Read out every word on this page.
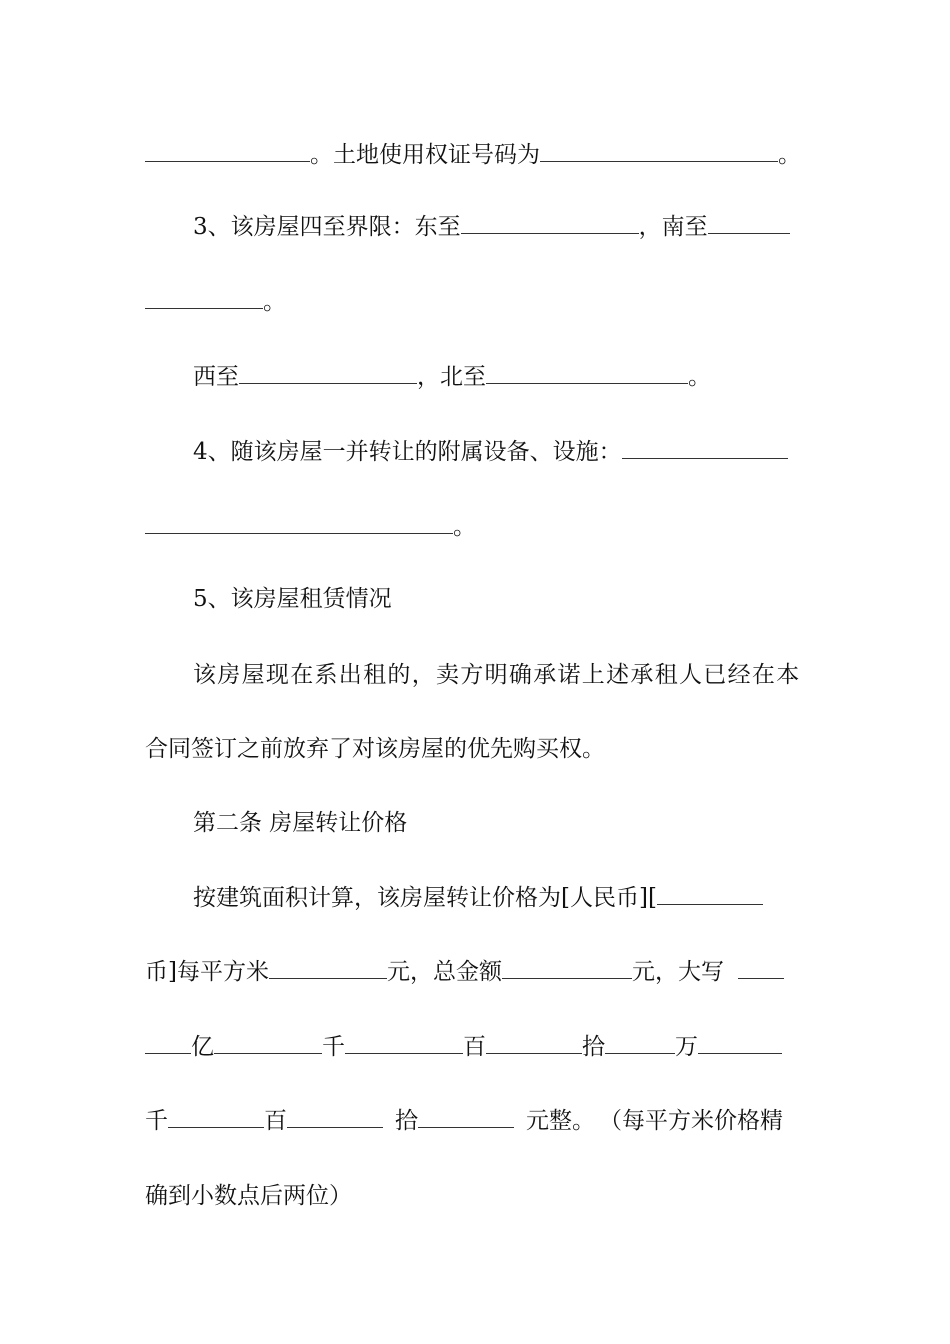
。土地使用权证号码为	。
3、该房屋四至界限：东至	，南至
。
西至	，北至	。
4、随该房屋一并转让的附属设备、设施：
。
5、该房屋租赁情况
该房屋现在系出租的，卖方明确承诺上述承租人已经在本
合同签订之前放弃了对该房屋的优先购买权。
第二条 房屋转让价格
按建筑面积计算，该房屋转让价格为[人民币][
币]每平方米	元，总金额	元，大写
亿	千	百	拾	万
千	百	拾	元整。 （每平方米价格精
确到小数点后两位）
